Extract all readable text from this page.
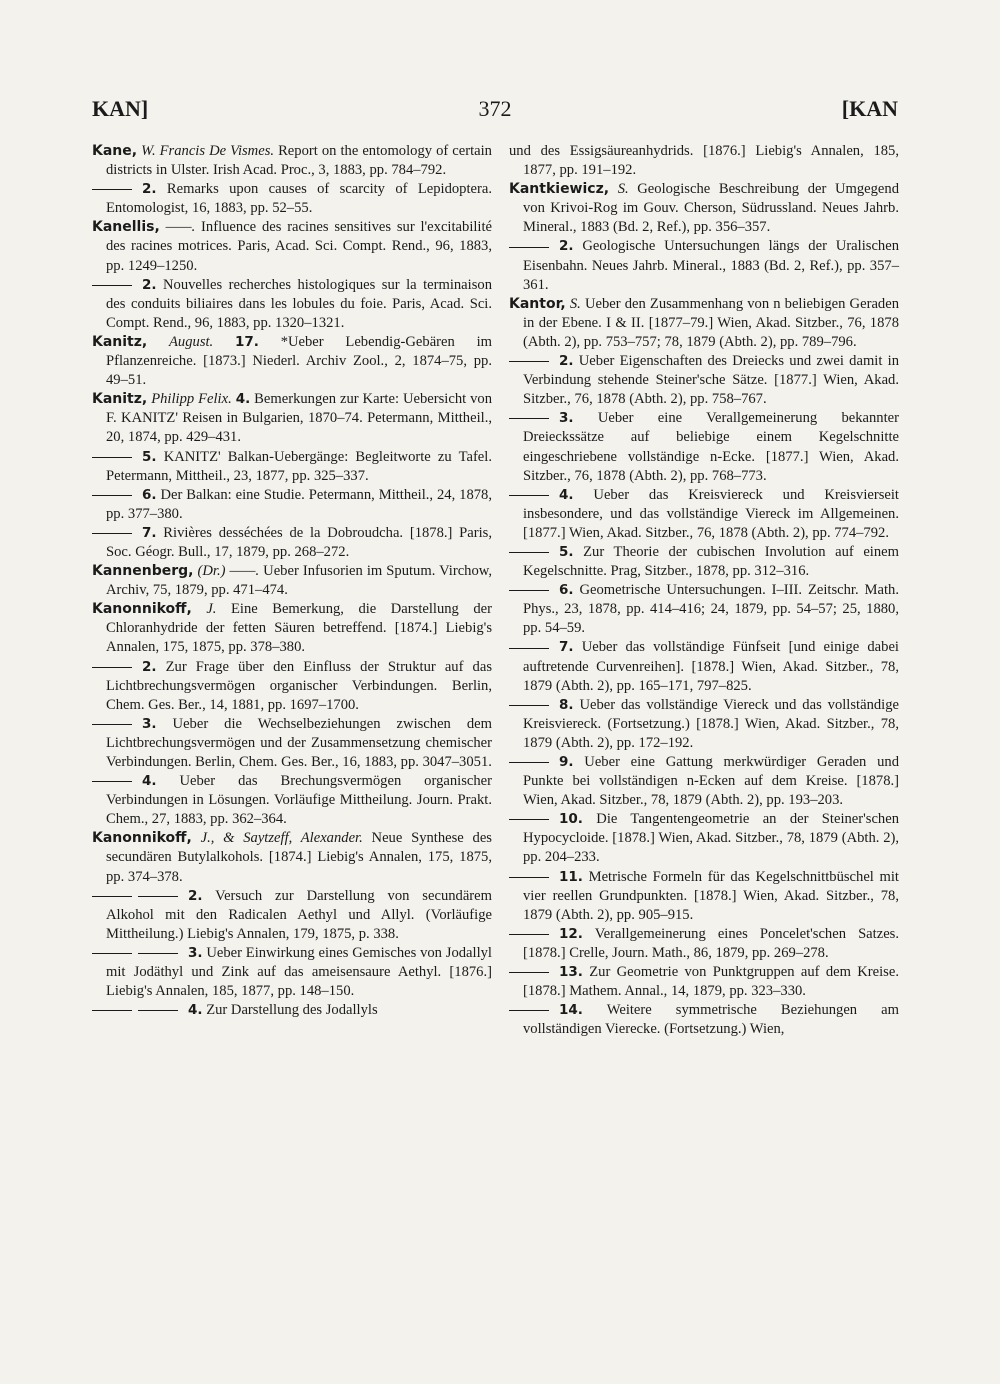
KAN]	372	[KAN

Kane, W. Francis De Vismes. Report on the entomology of certain districts in Ulster. Irish Acad. Proc., 3, 1883, pp. 784–792.

2. Remarks upon causes of scarcity of Lepidoptera. Entomologist, 16, 1883, pp. 52–55.

Kanellis, ——. Influence des racines sensitives sur l'excitabilité des racines motrices. Paris, Acad. Sci. Compt. Rend., 96, 1883, pp. 1249–1250.

2. Nouvelles recherches histologiques sur la terminaison des conduits biliaires dans les lobules du foie. Paris, Acad. Sci. Compt. Rend., 96, 1883, pp. 1320–1321.

Kanitz, August. 17. *Ueber Lebendig-Gebären im Pflanzenreiche. [1873.] Niederl. Archiv Zool., 2, 1874–75, pp. 49–51.

Kanitz, Philipp Felix. 4. Bemerkungen zur Karte: Uebersicht von F. KANITZ' Reisen in Bulgarien, 1870–74. Petermann, Mittheil., 20, 1874, pp. 429–431.

5. KANITZ' Balkan-Uebergänge: Begleitworte zu Tafel. Petermann, Mittheil., 23, 1877, pp. 325–337.

6. Der Balkan: eine Studie. Petermann, Mittheil., 24, 1878, pp. 377–380.

7. Rivières desséchées de la Dobroudcha. [1878.] Paris, Soc. Géogr. Bull., 17, 1879, pp. 268–272.

Kannenberg, (Dr.) ——. Ueber Infusorien im Sputum. Virchow, Archiv, 75, 1879, pp. 471–474.

Kanonnikoff, J. Eine Bemerkung, die Darstellung der Chloranhydride der fetten Säuren betreffend. [1874.] Liebig's Annalen, 175, 1875, pp. 378–380.

2. Zur Frage über den Einfluss der Struktur auf das Lichtbrechungsvermögen organischer Verbindungen. Berlin, Chem. Ges. Ber., 14, 1881, pp. 1697–1700.

3. Ueber die Wechselbeziehungen zwischen dem Lichtbrechungsvermögen und der Zusammensetzung chemischer Verbindungen. Berlin, Chem. Ges. Ber., 16, 1883, pp. 3047–3051.

4. Ueber das Brechungsvermögen organischer Verbindungen in Lösungen. Vorläufige Mittheilung. Journ. Prakt. Chem., 27, 1883, pp. 362–364.

Kanonnikoff, J., & Saytzeff, Alexander. Neue Synthese des secundären Butylalkohols. [1874.] Liebig's Annalen, 175, 1875, pp. 374–378.

2. Versuch zur Darstellung von secundärem Alkohol mit den Radicalen Aethyl und Allyl. (Vorläufige Mittheilung.) Liebig's Annalen, 179, 1875, p. 338.

3. Ueber Einwirkung eines Gemisches von Jodallyl mit Jodäthyl und Zink auf das ameisensaure Aethyl. [1876.] Liebig's Annalen, 185, 1877, pp. 148–150.

4. Zur Darstellung des Jodallyls

und des Essigsäureanhydrids. [1876.] Liebig's Annalen, 185, 1877, pp. 191–192.

Kantkiewicz, S. Geologische Beschreibung der Umgegend von Krivoi-Rog im Gouv. Cherson, Südrussland. Neues Jahrb. Mineral., 1883 (Bd. 2, Ref.), pp. 356–357.

2. Geologische Untersuchungen längs der Uralischen Eisenbahn. Neues Jahrb. Mineral., 1883 (Bd. 2, Ref.), pp. 357–361.

Kantor, S. Ueber den Zusammenhang von n beliebigen Geraden in der Ebene. I & II. [1877–79.] Wien, Akad. Sitzber., 76, 1878 (Abth. 2), pp. 753–757; 78, 1879 (Abth. 2), pp. 789–796.

2. Ueber Eigenschaften des Dreiecks und zwei damit in Verbindung stehende Steiner'sche Sätze. [1877.] Wien, Akad. Sitzber., 76, 1878 (Abth. 2), pp. 758–767.

3. Ueber eine Verallgemeinerung bekannter Dreieckssätze auf beliebige einem Kegelschnitte eingeschriebene vollständige n-Ecke. [1877.] Wien, Akad. Sitzber., 76, 1878 (Abth. 2), pp. 768–773.

4. Ueber das Kreisviereck und Kreisvierseit insbesondere, und das vollständige Viereck im Allgemeinen. [1877.] Wien, Akad. Sitzber., 76, 1878 (Abth. 2), pp. 774–792.

5. Zur Theorie der cubischen Involution auf einem Kegelschnitte. Prag, Sitzber., 1878, pp. 312–316.

6. Geometrische Untersuchungen. I–III. Zeitschr. Math. Phys., 23, 1878, pp. 414–416; 24, 1879, pp. 54–57; 25, 1880, pp. 54–59.

7. Ueber das vollständige Fünfseit [und einige dabei auftretende Curvenreihen]. [1878.] Wien, Akad. Sitzber., 78, 1879 (Abth. 2), pp. 165–171, 797–825.

8. Ueber das vollständige Viereck und das vollständige Kreisviereck. (Fortsetzung.) [1878.] Wien, Akad. Sitzber., 78, 1879 (Abth. 2), pp. 172–192.

9. Ueber eine Gattung merkwürdiger Geraden und Punkte bei vollständigen n-Ecken auf dem Kreise. [1878.] Wien, Akad. Sitzber., 78, 1879 (Abth. 2), pp. 193–203.

10. Die Tangentengeometrie an der Steiner'schen Hypocycloide. [1878.] Wien, Akad. Sitzber., 78, 1879 (Abth. 2), pp. 204–233.

11. Metrische Formeln für das Kegelschnittbüschel mit vier reellen Grundpunkten. [1878.] Wien, Akad. Sitzber., 78, 1879 (Abth. 2), pp. 905–915.

12. Verallgemeinerung eines Poncelet'schen Satzes. [1878.] Crelle, Journ. Math., 86, 1879, pp. 269–278.

13. Zur Geometrie von Punktgruppen auf dem Kreise. [1878.] Mathem. Annal., 14, 1879, pp. 323–330.

14. Weitere symmetrische Beziehungen am vollständigen Vierecke. (Fortsetzung.) Wien,
